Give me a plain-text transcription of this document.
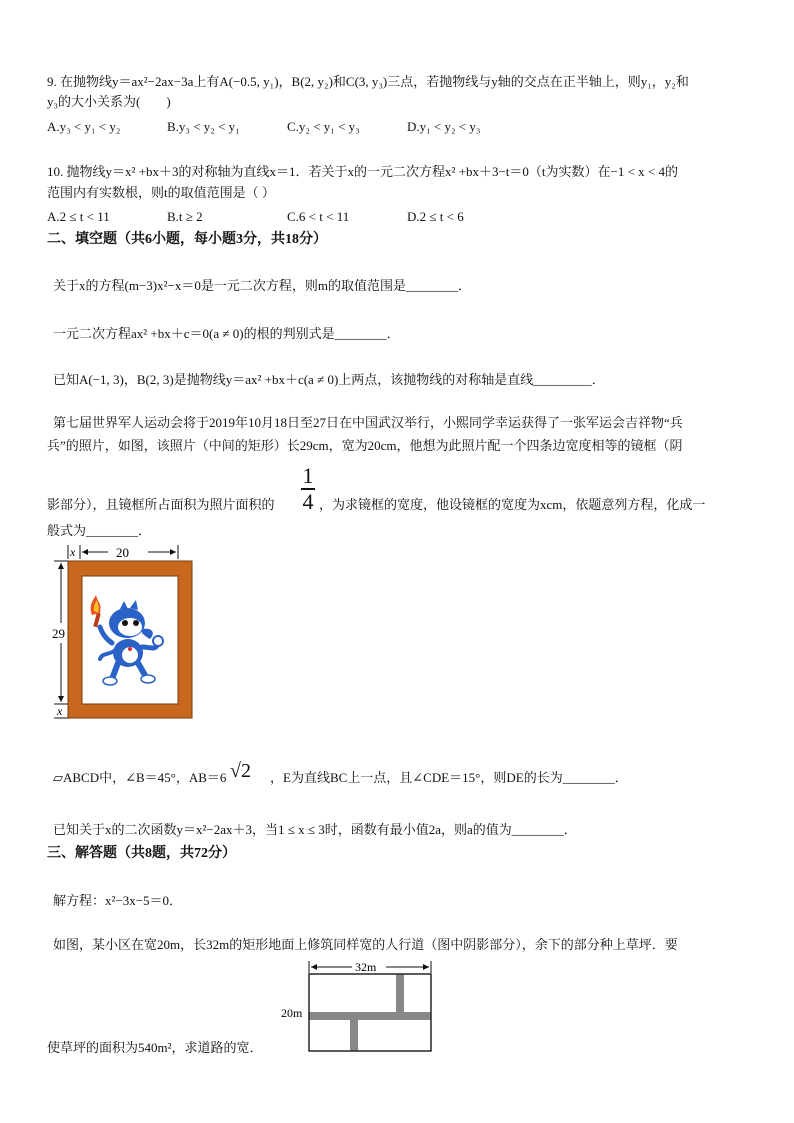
9. 在抛物线y＝ax²−2ax−3a上有A(−0.5, y₁)，B(2, y₂)和C(3, y₃)三点，若抛物线与y轴的交点在正半轴上，则y₁，y₂和
y₃的大小关系为(　　)
A.y₃ < y₁ < y₂	B.y₃ < y₂ < y₁	C.y₂ < y₁ < y₃	D.y₁ < y₂ < y₃
10. 抛物线y＝x² +bx＋3的对称轴为直线x＝1．若关于x的一元二次方程x² +bx＋3−t＝0（t为实数）在−1 < x < 4的
范围内有实数根，则t的取值范围是（ ）
A.2 ≤ t < 11	B.t ≥ 2	C.6 < t < 11	D.2 ≤ t < 6
二、填空题（共6小题，每小题3分，共18分）
关于x的方程(m−3)x²−x＝0是一元二次方程，则m的取值范围是________．
一元二次方程ax² +bx＋c＝0(a ≠ 0)的根的判别式是________．
已知A(−1, 3)，B(2, 3)是抛物线y＝ax² +bx＋c(a ≠ 0)上两点，该抛物线的对称轴是直线_________．
第七届世界军人运动会将于2019年10月18日至27日在中国武汉举行，小熙同学幸运获得了一张军运会吉祥物“兵
兵”的照片，如图，该照片（中间的矩形）长29cm，宽为20cm，他想为此照片配一个四条边宽度相等的镜框（阴
影部分），且镜框所占面积为照片面积的
1
4 ，为求镜框的宽度，他设镜框的宽度为xcm，依题意列方程，化成一
般式为________．
x	20
29
x
▱ABCD中，∠B＝45°，AB＝6 √2 ，E为直线BC上一点，且∠CDE＝15°，则DE的长为________．
已知关于x的二次函数y＝x²−2ax＋3，当1 ≤ x ≤ 3时，函数有最小值2a，则a的值为________．
三、解答题（共8题，共72分）
解方程：x²−3x−5＝0．
如图，某小区在宽20m，长32m的矩形地面上修筑同样宽的人行道（图中阴影部分），余下的部分种上草坪．要
使草坪的面积为540m²，求道路的宽．
32m
20m
